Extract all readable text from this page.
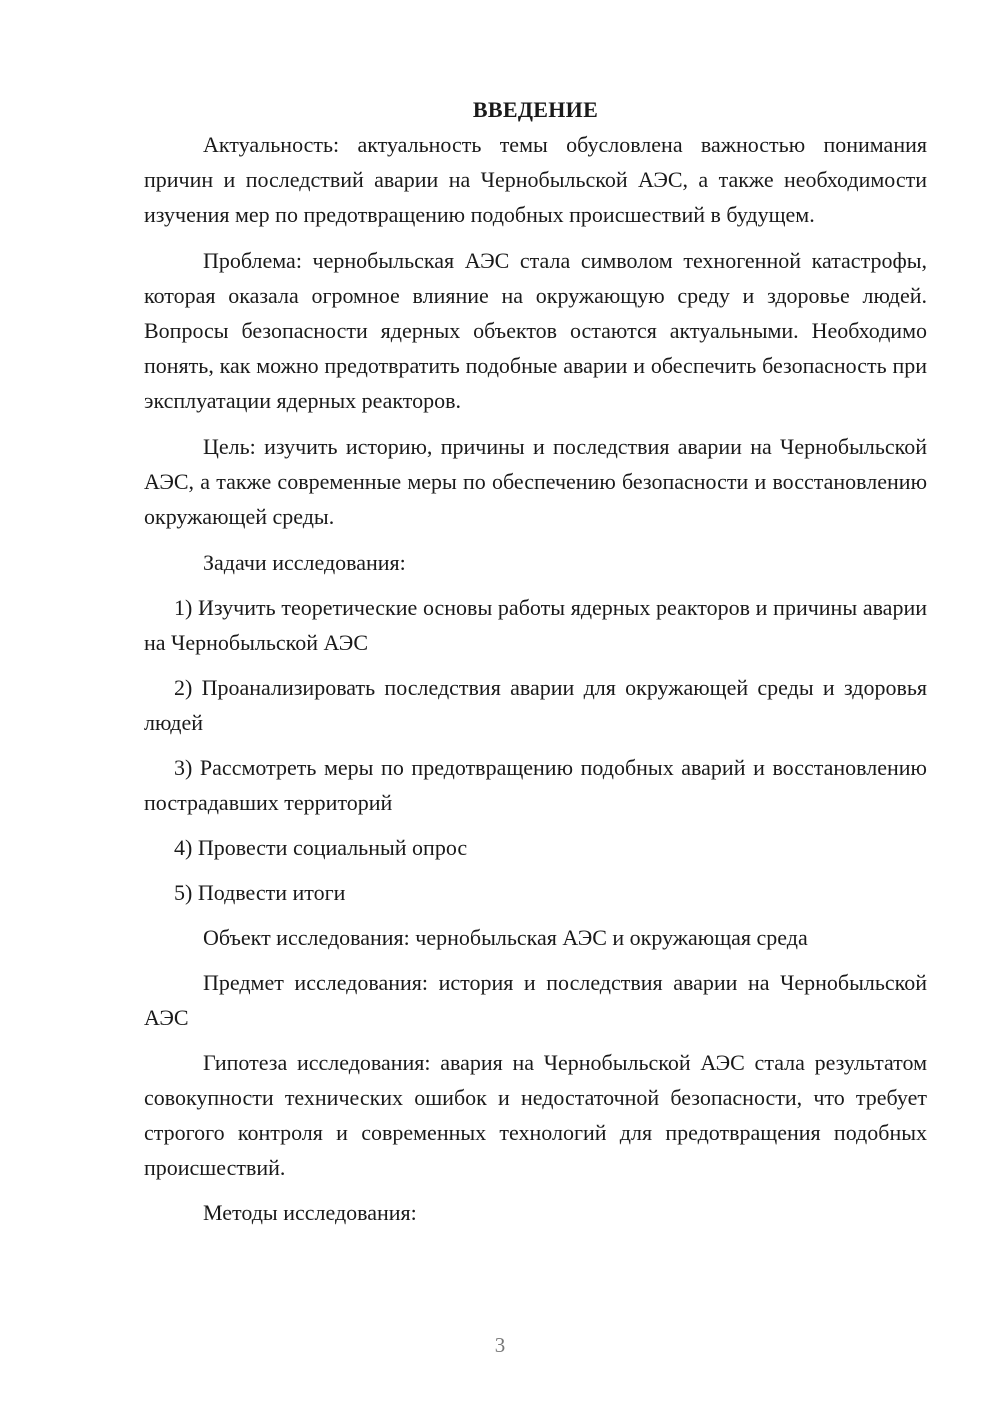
ВВЕДЕНИЕ

Актуальность: актуальность темы обусловлена важностью понимания причин и последствий аварии на Чернобыльской АЭС, а также необходимости изучения мер по предотвращению подобных происшествий в будущем.

Проблема: чернобыльская АЭС стала символом техногенной катастрофы, которая оказала огромное влияние на окружающую среду и здоровье людей. Вопросы безопасности ядерных объектов остаются актуальными. Необходимо понять, как можно предотвратить подобные аварии и обеспечить безопасность при эксплуатации ядерных реакторов.

Цель: изучить историю, причины и последствия аварии на Чернобыльской АЭС, а также современные меры по обеспечению безопасности и восстановлению окружающей среды.

Задачи исследования:

1) Изучить теоретические основы работы ядерных реакторов и причины аварии на Чернобыльской АЭС

2) Проанализировать последствия аварии для окружающей среды и здоровья людей

3) Рассмотреть меры по предотвращению подобных аварий и восстановлению пострадавших территорий

4) Провести социальный опрос

5) Подвести итоги

Объект исследования: чернобыльская АЭС и окружающая среда

Предмет исследования: история и последствия аварии на Чернобыльской АЭС

Гипотеза исследования: авария на Чернобыльской АЭС стала результатом совокупности технических ошибок и недостаточной безопасности, что требует строгого контроля и современных технологий для предотвращения подобных происшествий.

Методы исследования:

3
